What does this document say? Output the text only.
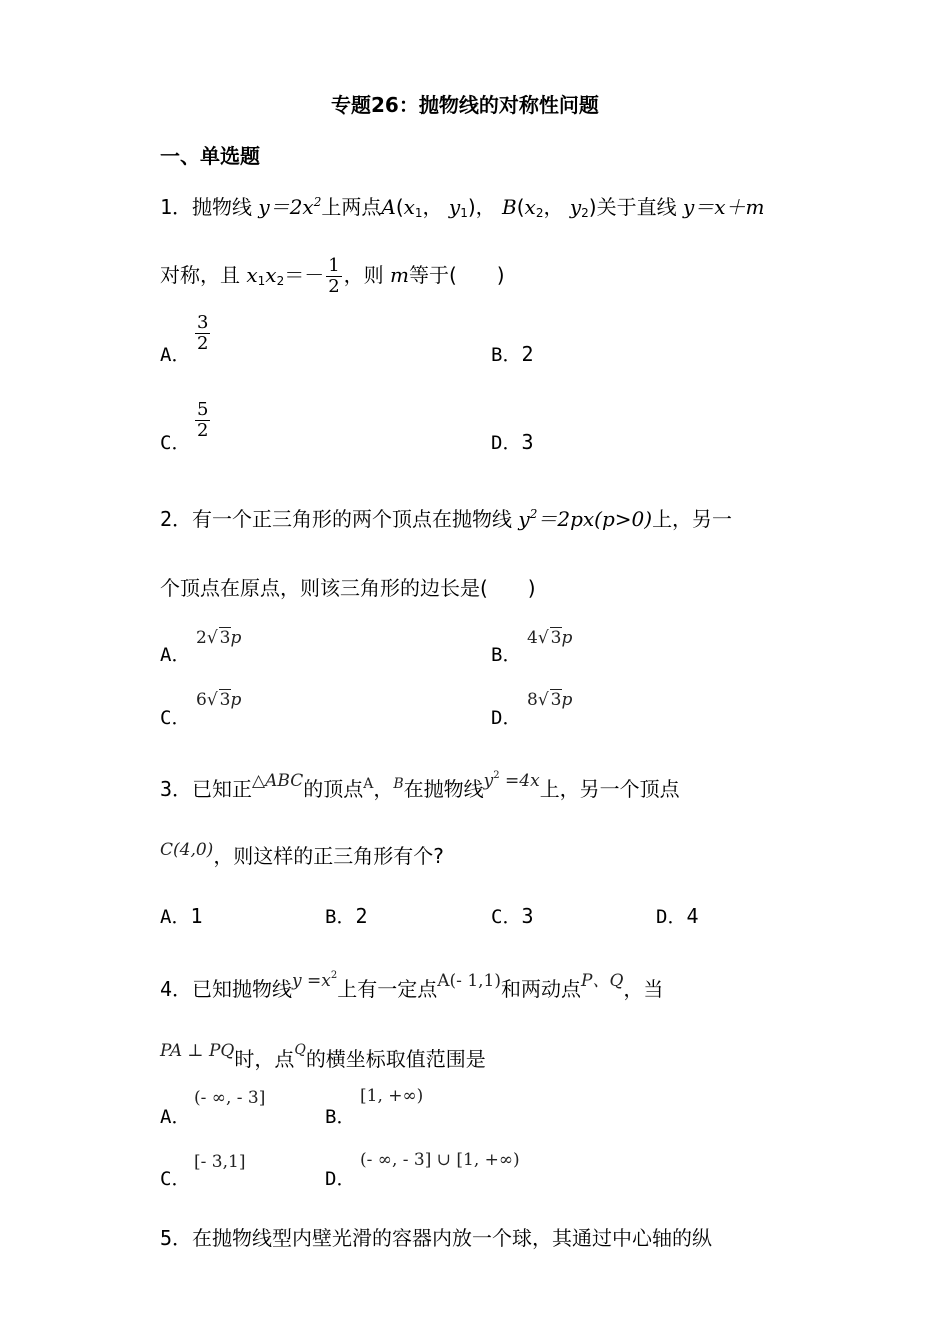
专题26：抛物线的对称性问题
一、单选题
1．抛物线 $y=2x^2$上两点$A(x_1$， $y_1$)， $B(x_2$， $y_2$)关于直线 y＝x＋m
对称，且 $x_1x_2=- \frac{1}{2}$ ，则 m等于(　　)
A．
$\frac{3}{2}$
B．2
C．
$\frac{5}{2}$
D．3
2．有一个正三角形的两个顶点在抛物线 $y^2=2px(p>0)$上，另一
个顶点在原点，则该三角形的边长是(　　)
A．
2√ 3p
B．
4√ 3p
C．
6√ 3p
D．
8√ 3p
3．已知正$^{\triangle ABC}$的顶点$^A$，$^B$在抛物线$^{y^2 =4x}$上，另一个顶点
$^{C(4,0)}$，则这样的正三角形有个?
A．1	B．2	C．3	D．4
4．已知抛物线$^{y =x^2}$上有一定点$^{A(- 1,1)}$和两动点$^{P、Q}$，当
$^{PA \perp PQ}$时，点$^Q$的横坐标取值范围是
A．
(- ∞, - 3]
B．
[1, +∞)
C．
[- 3,1]
D．
(- ∞, - 3] ∪ [1, +∞)
5．在抛物线型内壁光滑的容器内放一个球，其通过中心轴的纵
